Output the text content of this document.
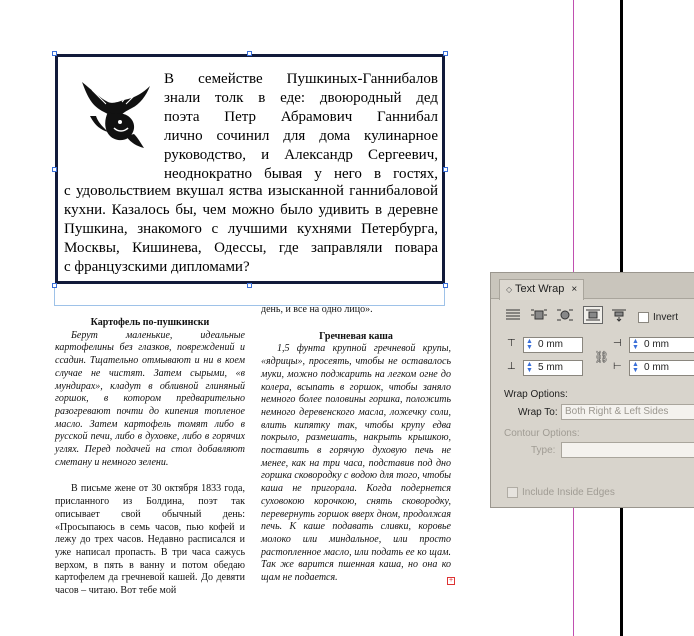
В семействе Пушкиных-Ганнибалов
знали толк в еде: двоюродный дед
поэта Петр Абрамович Ганнибал
лично сочинил для дома кулинарное
руководство, и Александр Сергеевич,
неоднократно бывая у него в гостях,
с удовольствием вкушал яства изысканной ганнибаловой
кухни. Казалось бы, чем можно было удивить в деревне
Пушкина, знакомого с лучшими кухнями Петербурга,
Москвы, Кишинева, Одессы, где заправляли повара
с французскими дипломами?
Картофель по-пушкински

Берут маленькие, идеальные картофелины без глазков, повреждений и ссадин. Тщательно отмывают и ни в коем случае не чистят. Затем сырыми, «в мундирах», кладут в обливной глиняный горшок, в котором предварительно разогревают почти до кипения топленое масло. Затем картофель томят либо в русской печи, либо в духовке, либо в горячих углях. Перед подачей на стол добавляют сметану и немного зелени.

В письме жене от 30 октября 1833 года, присланного из Болдина, поэт так описывает свой обычный день: «Просыпаюсь в семь часов, пью кофей и лежу до трех часов. Недавно расписался и уже написал пропасть. В три часа сажусь верхом, в пять в ванну и потом обедаю картофелем да гречневой кашей. До девяти часов – читаю. Вот тебе мой

день, и все на одно лицо».
Гречневая каша

1,5 фунта крупной гречневой крупы, «ядрицы», просеять, чтобы не оставалось муки, можно поджарить на легком огне до колера, всыпать в горшок, чтобы заняло немного более половины горшка, положить немного деревенского масла, ложечку соли, влить кипятку так, чтобы крупу едва покрыло, размешать, накрыть крышкою, поставить в горячую духовую печь не менее, как на три часа, подставив под дно горшка сковородку с водою для того, чтобы каша не пригорала. Когда подернется суховокою корочкою, снять сковородку, перевернуть горшок вверх дном, продолжая печь. К каше подавать сливки, коровье молоко или миндальное, или просто растопленное масло, или подать ее ко щам. Так же варится пшенная каша, но она ко щам не подается.	+
◇ Text Wrap ×
Invert
⊤ ▲
▼ 0 mm
⊥ ▲
▼ 5 mm
⛓
⊣ ▲
▼ 0 mm
⊢ ▲
▼ 0 mm
Wrap Options:
Wrap To: Both Right & Left Sides
Contour Options:
Type:
Include Inside Edges
